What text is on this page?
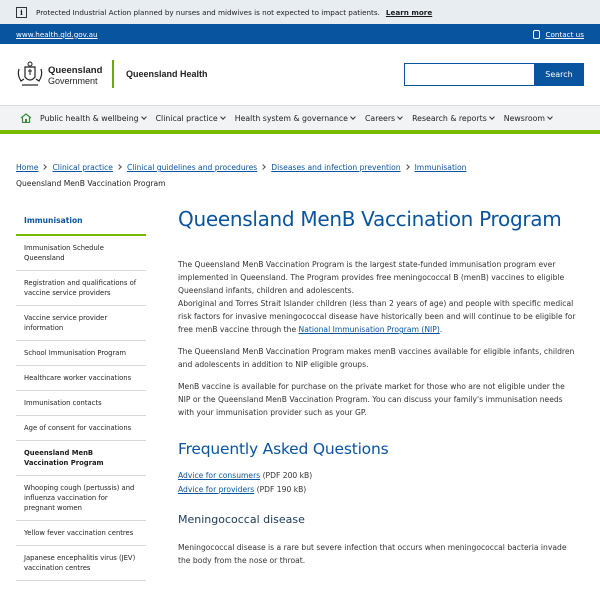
i	Protected Industrial Action planned by nurses and midwives is not expected to impact patients. Learn more
www.health.qld.gov.au	Contact us
Queensland
Government
Queensland Health	Search
Public health & wellbeing Clinical practice Health system & governance Careers Research & reports Newsroom
Home Clinical practice Clinical guidelines and procedures Diseases and infection prevention Immunisation
Queensland MenB Vaccination Program
Immunisation
Immunisation Schedule Queensland
Registration and qualifications of vaccine service providers
Vaccine service provider information
School Immunisation Program
Healthcare worker vaccinations
Immunisation contacts
Age of consent for vaccinations
Queensland MenB Vaccination Program
Whooping cough (pertussis) and influenza vaccination for pregnant women
Yellow fever vaccination centres
Japanese encephalitis virus (JEV) vaccination centres
Queensland MenB Vaccination Program

The Queensland MenB Vaccination Program is the largest state-funded immunisation program ever implemented in Queensland. The Program provides free meningococcal B (menB) vaccines to eligible Queensland infants, children and adolescents.

Aboriginal and Torres Strait Islander children (less than 2 years of age) and people with specific medical risk factors for invasive meningococcal disease have historically been and will continue to be eligible for free menB vaccine through the National Immunisation Program (NIP).

The Queensland MenB Vaccination Program makes menB vaccines available for eligible infants, children and adolescents in addition to NIP eligible groups.

MenB vaccine is available for purchase on the private market for those who are not eligible under the NIP or the Queensland MenB Vaccination Program. You can discuss your family's immunisation needs with your immunisation provider such as your GP.

Frequently Asked Questions
Advice for consumers (PDF 200 kB)
Advice for providers (PDF 190 kB)
Meningococcal disease

Meningococcal disease is a rare but severe infection that occurs when meningococcal bacteria invade the body from the nose or throat.
